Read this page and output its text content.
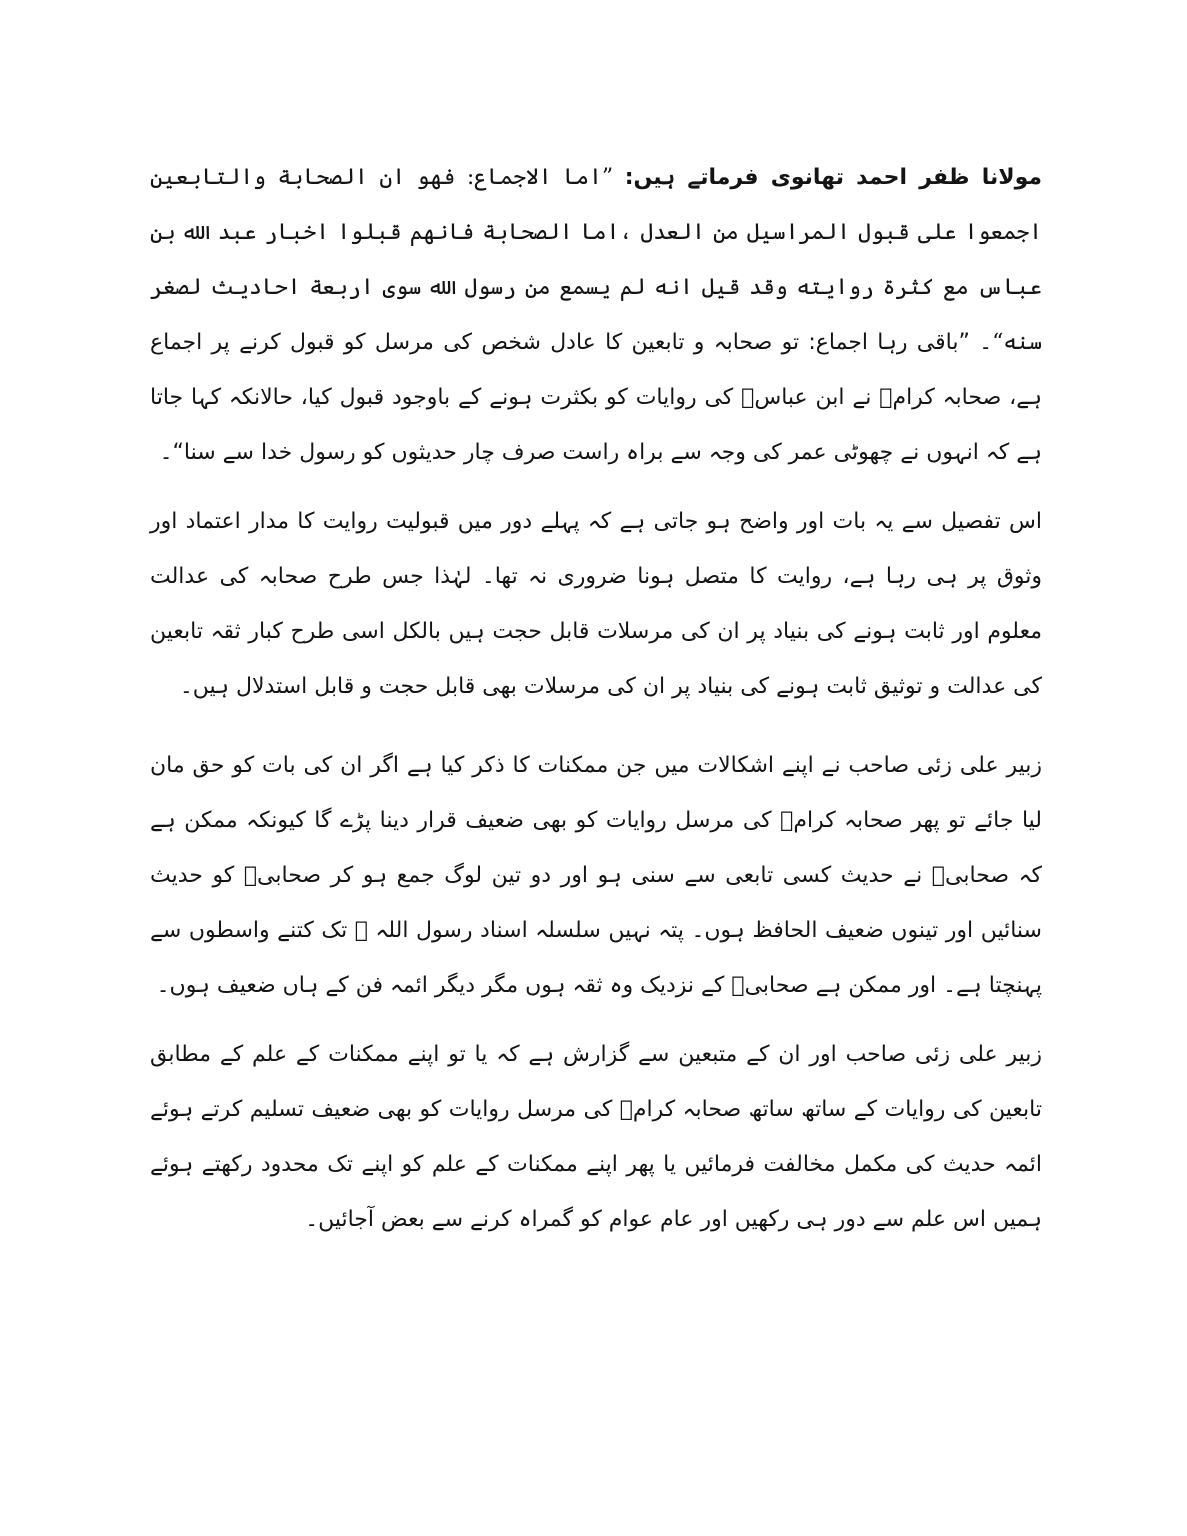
مولانا ظفر احمد تھانوی فرماتے ہیں: ”اما الاجماع: فهو ان الصحابة والتابعين اجمعوا على قبول المراسيل من العدل ،اما الصحابة فانهم قبلوا اخبار عبد الله بن عباس مع كثرة روايته وقد قيل انه لم يسمع من رسول الله سوى اربعة احاديث لصغر سنه“۔ ”باقی رہا اجماع: تو صحابہ و تابعین کا عادل شخص کی مرسل کو قبول کرنے پر اجماع ہے، صحابہ کرامؓ نے ابن عباسؓ کی روایات کو بکثرت ہونے کے باوجود قبول کیا، حالانکہ کہا جاتا ہے کہ انہوں نے چھوٹی عمر کی وجہ سے براہ راست صرف چار حدیثوں کو رسول خدا سے سنا“۔

اس تفصیل سے یہ بات اور واضح ہو جاتی ہے کہ پہلے دور میں قبولیت روایت کا مدار اعتماد اور وثوق پر ہی رہا ہے، روایت کا متصل ہونا ضروری نہ تھا۔ لہٰذا جس طرح صحابہ کی عدالت معلوم اور ثابت ہونے کی بنیاد پر ان کی مرسلات قابل حجت ہیں بالکل اسی طرح کبار ثقہ تابعین کی عدالت و توثیق ثابت ہونے کی بنیاد پر ان کی مرسلات بھی قابل حجت و قابل استدلال ہیں۔

زبیر علی زئی صاحب نے اپنے اشکالات میں جن ممکنات کا ذکر کیا ہے اگر ان کی بات کو حق مان لیا جائے تو پھر صحابہ کرامؓ کی مرسل روایات کو بھی ضعیف قرار دینا پڑے گا کیونکہ ممکن ہے کہ صحابیؓ نے حدیث کسی تابعی سے سنی ہو اور دو تین لوگ جمع ہو کر صحابیؓ کو حدیث سنائیں اور تینوں ضعیف الحافظ ہوں۔ پتہ نہیں سلسلہ اسناد رسول اللہ ﷺ تک کتنے واسطوں سے پہنچتا ہے۔ اور ممکن ہے صحابیؓ کے نزدیک وہ ثقہ ہوں مگر دیگر ائمہ فن کے ہاں ضعیف ہوں۔

زبیر علی زئی صاحب اور ان کے متبعین سے گزارش ہے کہ یا تو اپنے ممکنات کے علم کے مطابق تابعین کی روایات کے ساتھ ساتھ صحابہ کرامؓ کی مرسل روایات کو بھی ضعیف تسلیم کرتے ہوئے ائمہ حدیث کی مکمل مخالفت فرمائیں یا پھر اپنے ممکنات کے علم کو اپنے تک محدود رکھتے ہوئے ہمیں اس علم سے دور ہی رکھیں اور عام عوام کو گمراہ کرنے سے بعض آجائیں۔
